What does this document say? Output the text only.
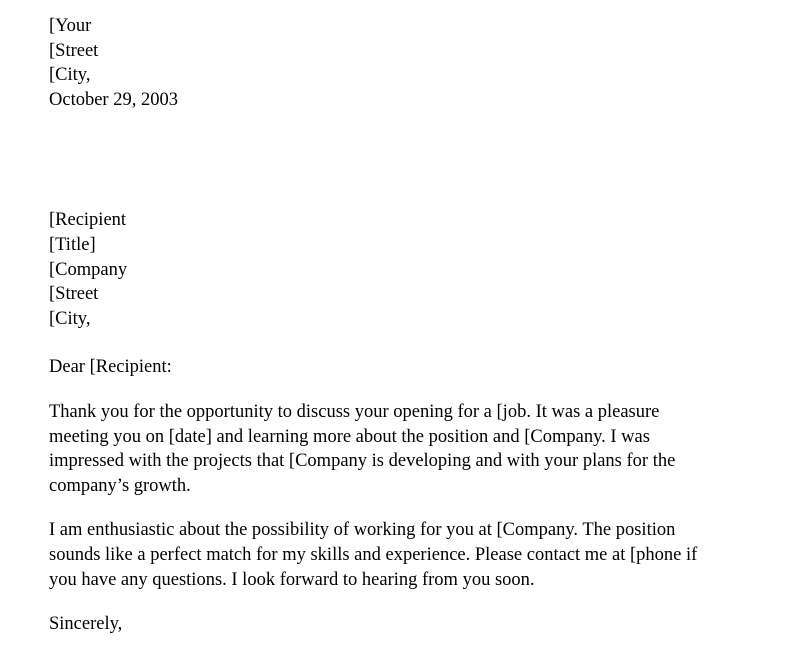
[Your
[Street
[City,
October 29, 2003
[Recipient
[Title]
[Company
[Street
[City,
Dear [Recipient:
Thank you for the opportunity to discuss your opening for a [job. It was a pleasure
meeting you on [date] and learning more about the position and [Company. I was
impressed with the projects that [Company is developing and with your plans for the
company’s growth.
I am enthusiastic about the possibility of working for you at [Company. The position
sounds like a perfect match for my skills and experience. Please contact me at [phone if
you have any questions. I look forward to hearing from you soon.
Sincerely,
